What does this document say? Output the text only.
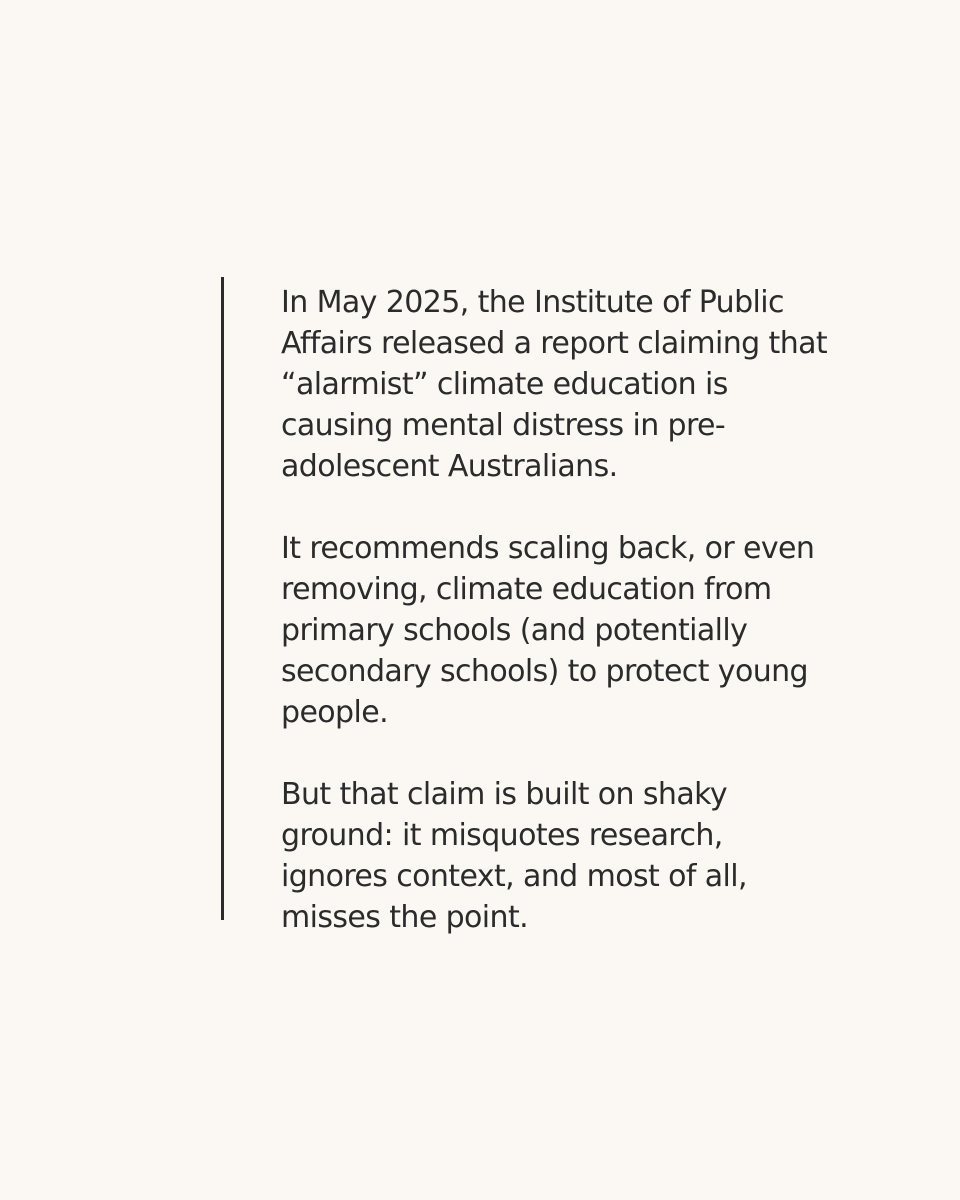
In May 2025, the Institute of Public
Affairs released a report claiming that
“alarmist” climate education is
causing mental distress in pre-
adolescent Australians.

It recommends scaling back, or even
removing, climate education from
primary schools (and potentially
secondary schools) to protect young
people.

But that claim is built on shaky
ground: it misquotes research,
ignores context, and most of all,
misses the point.
